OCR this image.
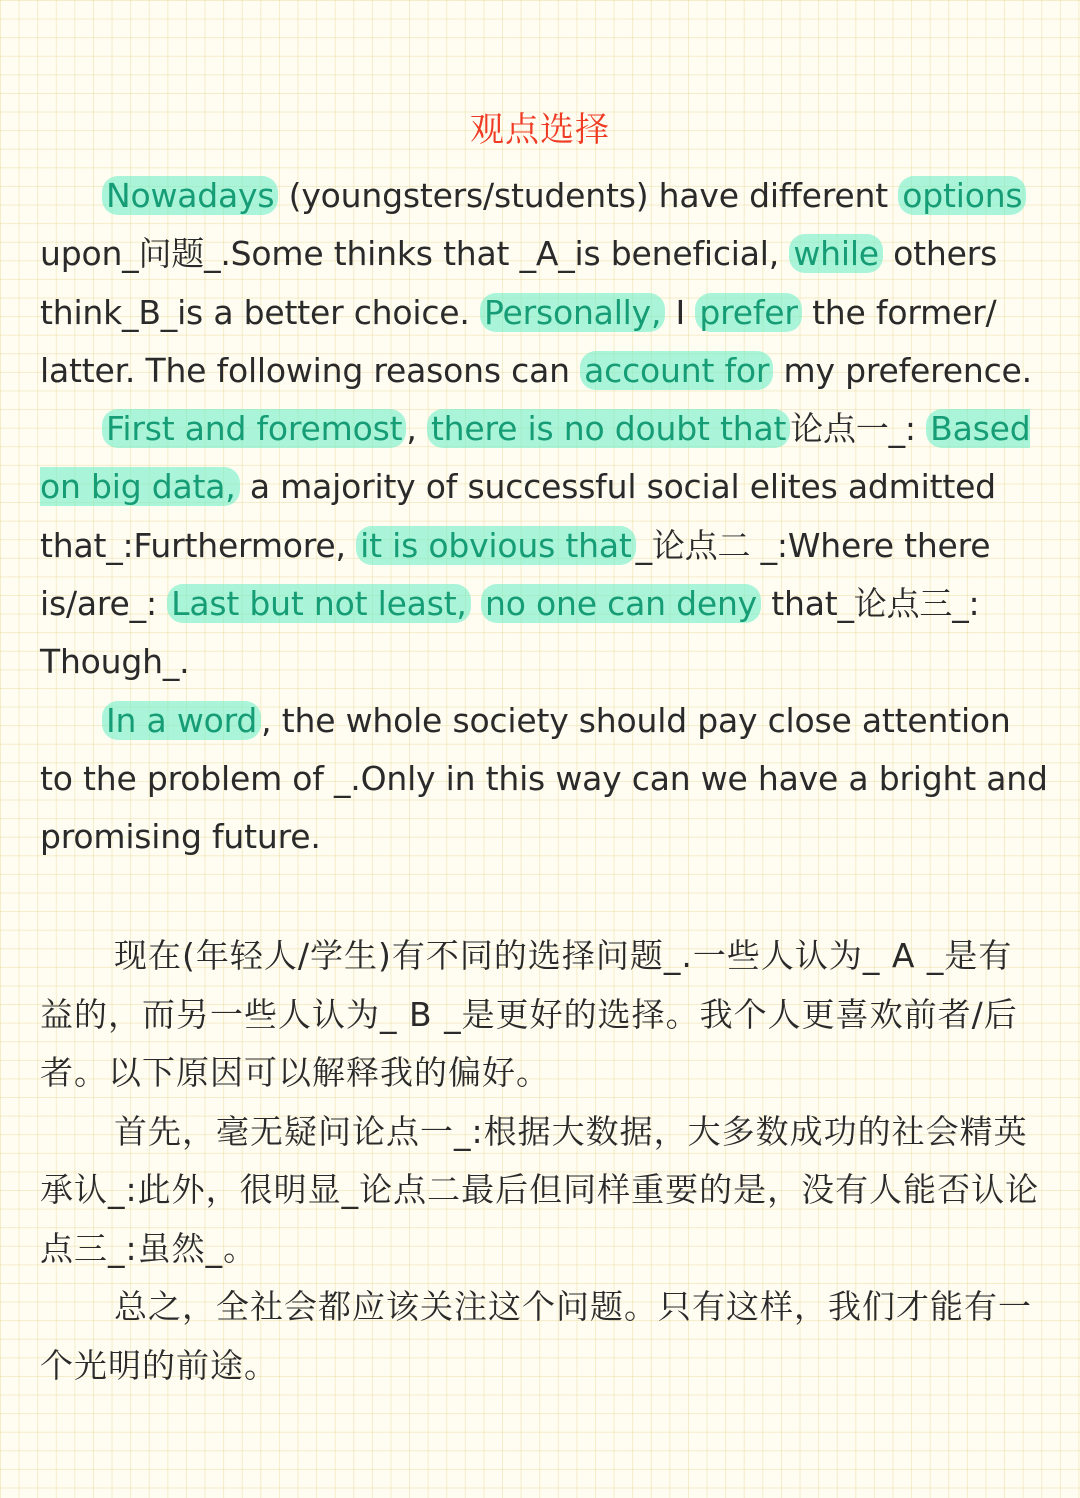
观点选择

Nowadays (youngsters/students) have different options upon_问题_.Some thinks that _A_is beneficial, while others think_B_is a better choice. Personally, I prefer the former/ latter. The following reasons can account for my preference.

First and foremost , there is no doubt that 论点一_: Based on big data, a majority of successful social elites admitted that_:Furthermore, it is obvious that _论点二 _:Where there is/are_: Last but not least, no one can deny that_论点三_: Though_.

In a word , the whole society should pay close attention to the problem of _.Only in this way can we have a bright and promising future.

现在(年轻人/学生)有不同的选择问题_.一些人认为_ A _是有益的，而另一些人认为_ B _是更好的选择。我个人更喜欢前者/后者。以下原因可以解释我的偏好。

首先，毫无疑问论点一_:根据大数据，大多数成功的社会精英承认_:此外，很明显_论点二最后但同样重要的是，没有人能否认论点三_:虽然_。

总之，全社会都应该关注这个问题。只有这样，我们才能有一个光明的前途。
